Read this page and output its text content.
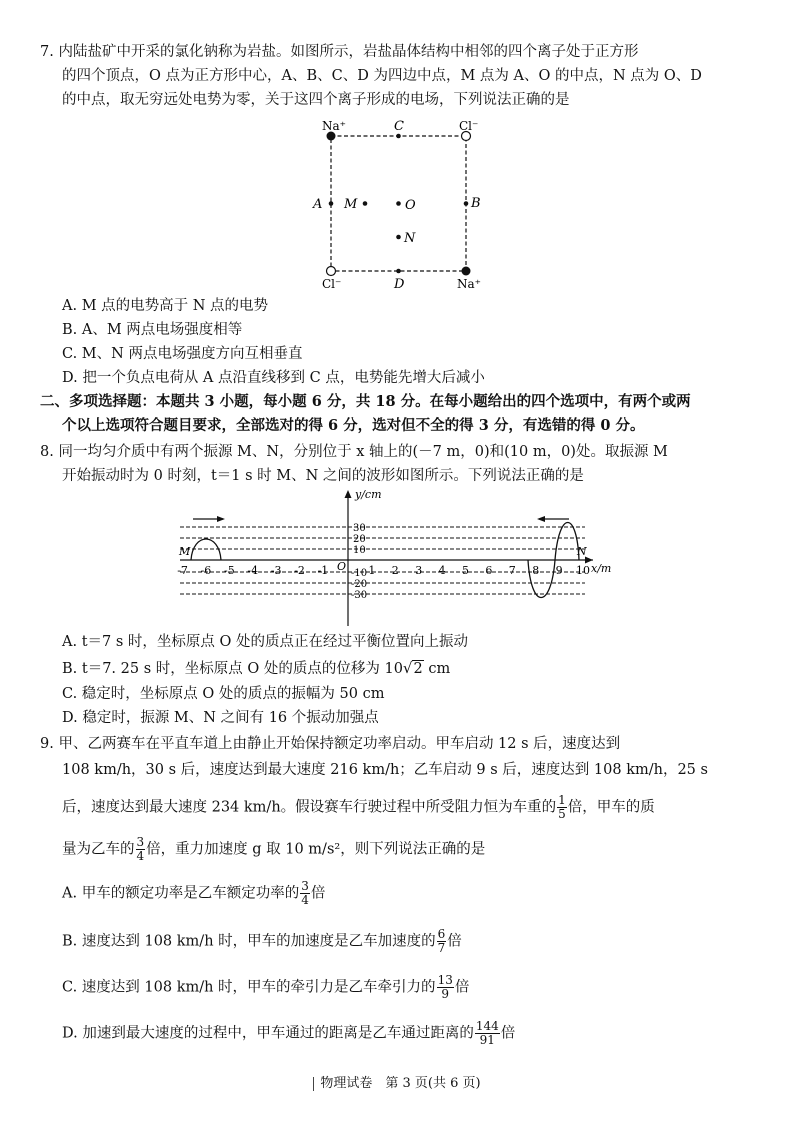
7. 内陆盐矿中开采的氯化钠称为岩盐。如图所示，岩盐晶体结构中相邻的四个离子处于正方形
的四个顶点，O 点为正方形中心，A、B、C、D 为四边中点，M 点为 A、O 的中点，N 点为 O、D
的中点，取无穷远处电势为零，关于这四个离子形成的电场，下列说法正确的是
Na⁺	Cl⁻
Cl⁻	Na⁺
C
D
A	B
M	O
N
A. M 点的电势高于 N 点的电势
B. A、M 两点电场强度相等
C. M、N 两点电场强度方向互相垂直
D. 把一个负点电荷从 A 点沿直线移到 C 点，电势能先增大后减小
二、多项选择题：本题共 3 小题，每小题 6 分，共 18 分。在每小题给出的四个选项中，有两个或两
个以上选项符合题目要求，全部选对的得 6 分，选对但不全的得 3 分，有选错的得 0 分。
8. 同一均匀介质中有两个振源 M、N，分别位于 x 轴上的(－7 m，0)和(10 m，0)处。取振源 M
开始振动时为 0 时刻，t＝1 s 时 M、N 之间的波形如图所示。下列说法正确的是
y/cm
x/m
O
30
20
10
-10
-20
-30
-7 -6 -5 -4 -3 -2 -1	1 2 3 4 5 6 7 8 9 10
M	N
A. t＝7 s 时，坐标原点 O 处的质点正在经过平衡位置向上振动
B. t＝7. 25 s 时，坐标原点 O 处的质点的位移为 10√2 cm
C. 稳定时，坐标原点 O 处的质点的振幅为 50 cm
D. 稳定时，振源 M、N 之间有 16 个振动加强点
9. 甲、乙两赛车在平直车道上由静止开始保持额定功率启动。甲车启动 12 s 后，速度达到
108 km/h，30 s 后，速度达到最大速度 216 km/h；乙车启动 9 s 后，速度达到 108 km/h，25 s
后，速度达到最大速度 234 km/h。假设赛车行驶过程中所受阻力恒为车重的 $\frac{1}{5}$ 倍，甲车的质
量为乙车的 $\frac{3}{4}$ 倍，重力加速度 g 取 10 m/s²，则下列说法正确的是
A. 甲车的额定功率是乙车额定功率的 $\frac{3}{4}$ 倍
B. 速度达到 108 km/h 时，甲车的加速度是乙车加速度的 $\frac{6}{7}$ 倍
C. 速度达到 108 km/h 时，甲车的牵引力是乙车牵引力的 $\frac{13}{9}$ 倍
D. 加速到最大速度的过程中，甲车通过的距离是乙车通过距离的 $\frac{144}{91}$ 倍
物理试卷　第 3 页(共 6 页)
